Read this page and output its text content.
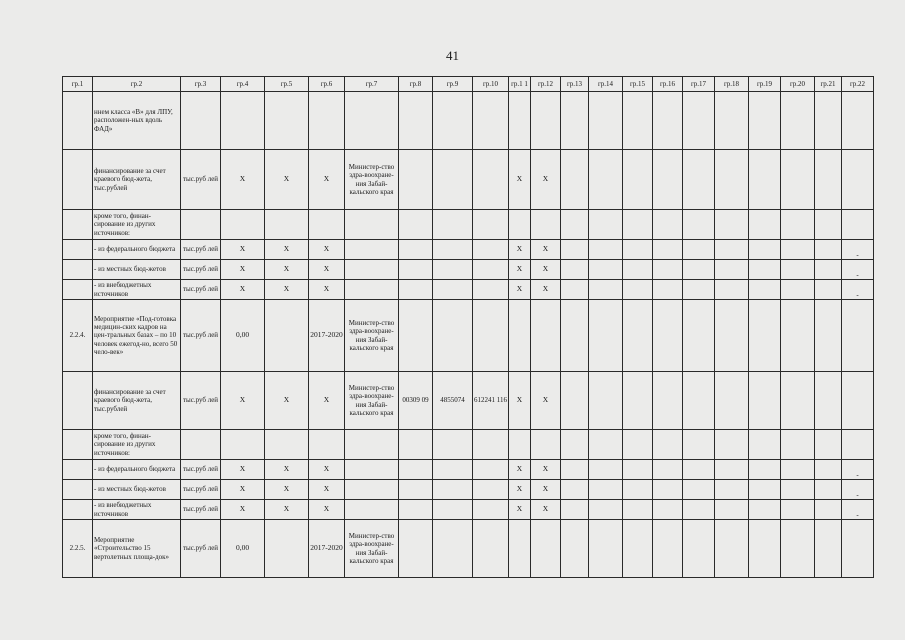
41
гр.1	гр.2	гр.3	гр.4	гр.5	гр.6	гр.7	гр.8	гр.9	гр.10	гр.1 1	гр.12	гр.13	гр.14	гр.15	гр.16	гр.17	гр.18	гр.19	гр.20	гр.21	гр.22
	ннем класса «В» для ЛПУ, расположен-ных вдоль ФАД»																				
	финансирование за счет краевого бюд-жета, тыс.рублей	тыс.руб лей	X	X	X	Министер-ство здра-воохране-ния Забай-кальского края				X	X										
	кроме того, финан-сирование из других источников:																				
	- из федерального бюджета	тыс.руб лей	X	X	X					X	X										-
	- из местных бюд-жетов	тыс.руб лей	X	X	X					X	X										-
	- из внебюджетных источников	тыс.руб лей	X	X	X					X	X										-
2.2.4.	Мероприятие «Под-готовка медицин-ских кадров на цен-тральных базах – по 10 человек ежегод-но, всего 50 чело-век»	тыс.руб лей	0,00		2017-2020	Министер-ство здра-воохране-ния Забай-кальского края															
	финансирование за счет краевого бюд-жета, тыс.рублей	тыс.руб лей	X	X	X	Министер-ство здра-воохране-ния Забай-кальского края	00309 09	4855074	612241 116	X	X										
	кроме того, финан-сирование из других источников:																				
	- из федерального бюджета	тыс.руб лей	X	X	X					X	X										-
	- из местных бюд-жетов	тыс.руб лей	X	X	X					X	X										-
	- из внебюджетных источников	тыс.руб лей	X	X	X					X	X										-
2.2.5.	Мероприятие «Строительство 15 вертолетных площа-док»	тыс.руб лей	0,00		2017-2020	Министер-ство здра-воохране-ния Забай-кальского края															
